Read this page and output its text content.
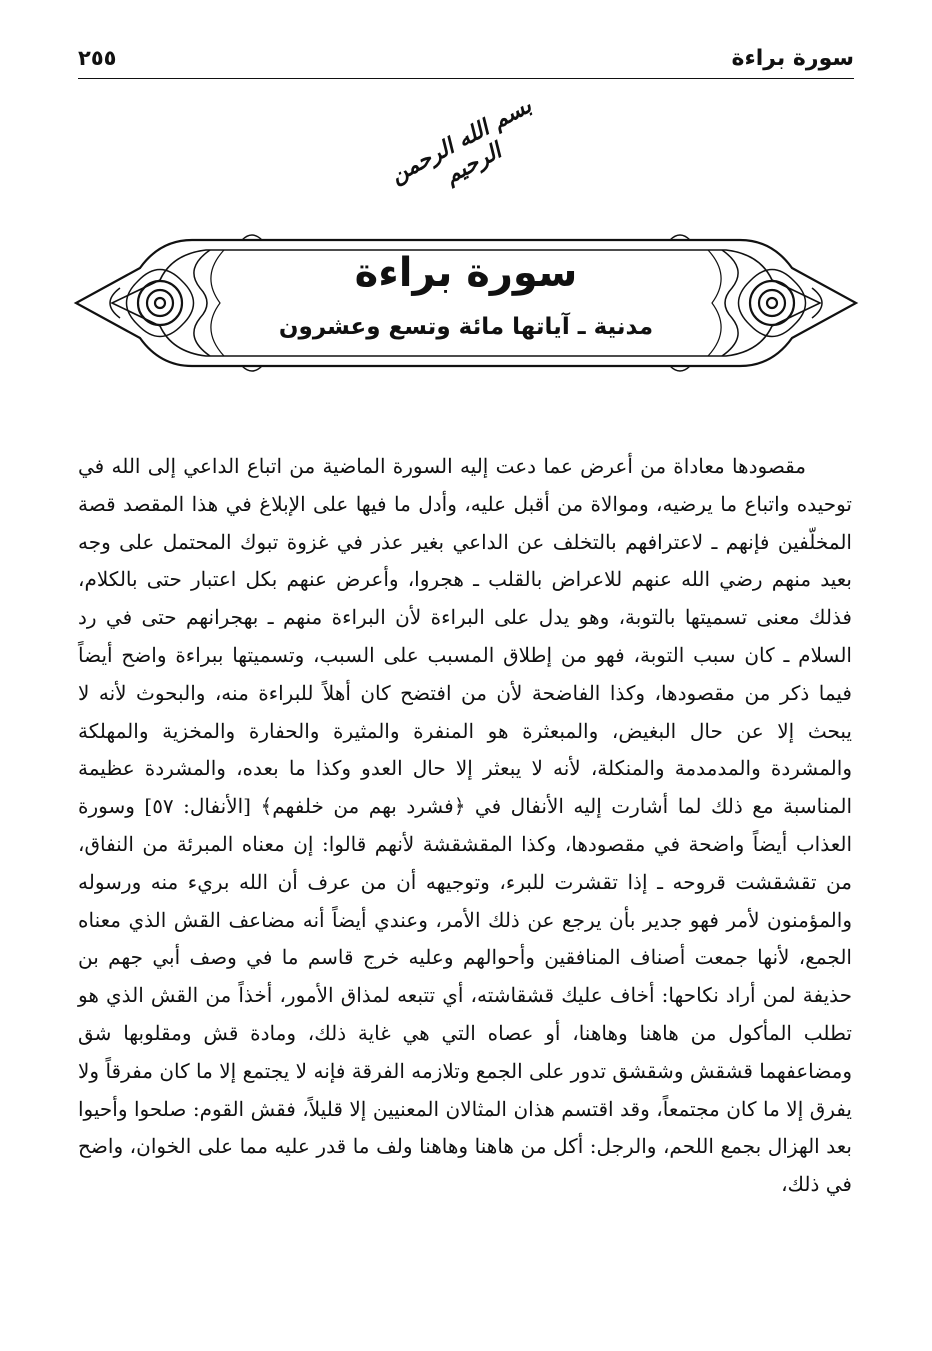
سورة براءة
٢٥٥
بسم الله الرحمن الرحيم
سورة براءة
مدنية ـ آياتها مائة وتسع وعشرون

مقصودها معاداة من أعرض عما دعت إليه السورة الماضية من اتباع الداعي إلى الله في توحيده واتباع ما يرضيه، وموالاة من أقبل عليه، وأدل ما فيها على الإبلاغ في هذا المقصد قصة المخلّفين فإنهم ـ لاعترافهم بالتخلف عن الداعي بغير عذر في غزوة تبوك المحتمل على وجه بعيد منهم رضي الله عنهم للاعراض بالقلب ـ هجروا، وأعرض عنهم بكل اعتبار حتى بالكلام، فذلك معنى تسميتها بالتوبة، وهو يدل على البراءة لأن البراءة منهم ـ بهجرانهم حتى في رد السلام ـ كان سبب التوبة، فهو من إطلاق المسبب على السبب، وتسميتها ببراءة واضح أيضاً فيما ذكر من مقصودها، وكذا الفاضحة لأن من افتضح كان أهلاً للبراءة منه، والبحوث لأنه لا يبحث إلا عن حال البغيض، والمبعثرة هو المنفرة والمثيرة والحفارة والمخزية والمهلكة والمشردة والمدمدمة والمنكلة، لأنه لا يبعثر إلا حال العدو وكذا ما بعده، والمشردة عظيمة المناسبة مع ذلك لما أشارت إليه الأنفال في ﴿فشرد بهم من خلفهم﴾ [الأنفال: ٥٧] وسورة العذاب أيضاً واضحة في مقصودها، وكذا المقشقشة لأنهم قالوا: إن معناه المبرئة من النفاق، من تقشقشت قروحه ـ إذا تقشرت للبرء، وتوجيهه أن من عرف أن الله بريء منه ورسوله والمؤمنون لأمر فهو جدير بأن يرجع عن ذلك الأمر، وعندي أيضاً أنه مضاعف القش الذي معناه الجمع، لأنها جمعت أصناف المنافقين وأحوالهم وعليه خرج قاسم ما في وصف أبي جهم بن حذيفة لمن أراد نكاحها: أخاف عليك قشقاشته، أي تتبعه لمذاق الأمور، أخذاً من القش الذي هو تطلب المأكول من هاهنا وهاهنا، أو عصاه التي هي غاية ذلك، ومادة قش ومقلوبها شق ومضاعفهما قشقش وشقشق تدور على الجمع وتلازمه الفرقة فإنه لا يجتمع إلا ما كان مفرقاً ولا يفرق إلا ما كان مجتمعاً، وقد اقتسم هذان المثالان المعنيين إلا قليلاً، فقش القوم: صلحوا وأحيوا بعد الهزال بجمع اللحم، والرجل: أكل من هاهنا وهاهنا ولف ما قدر عليه مما على الخوان، واضح في ذلك،
